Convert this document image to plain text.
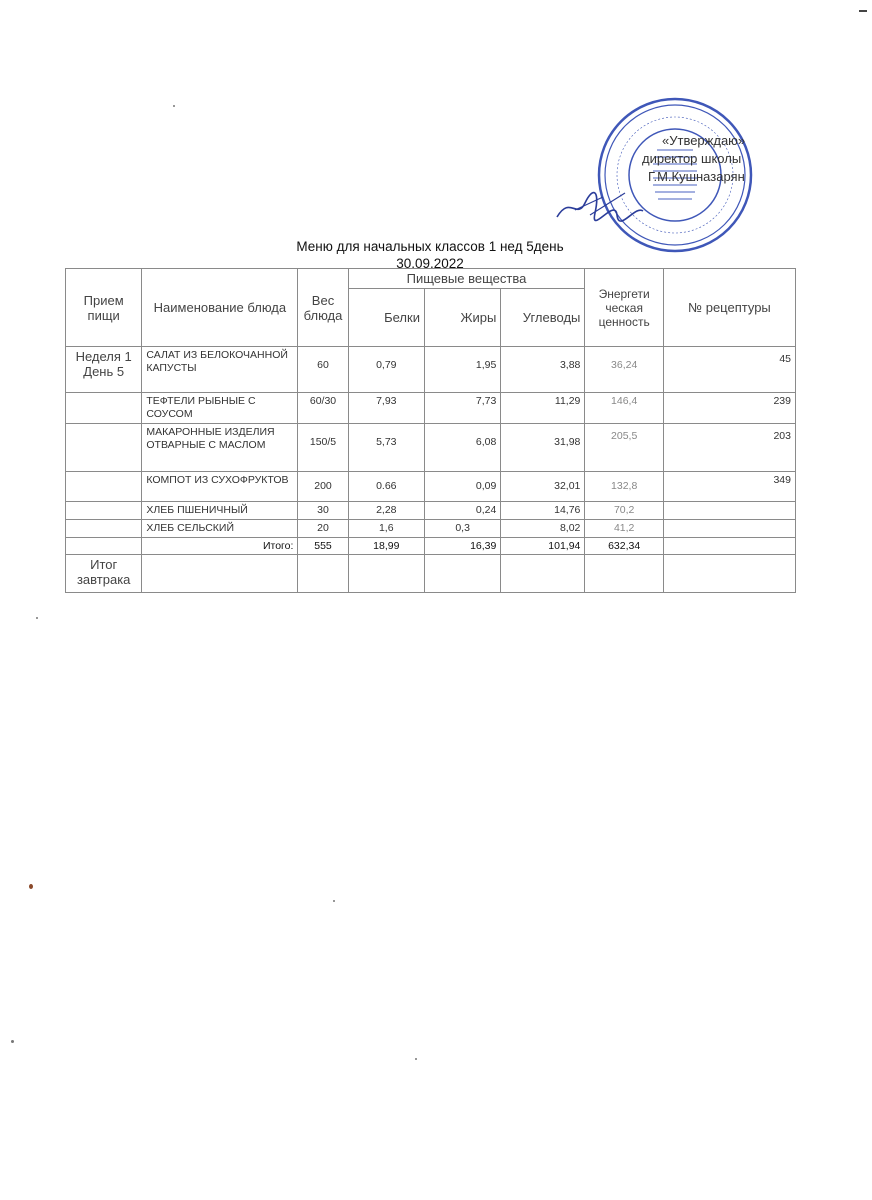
«Утверждаю»
директор школы
Г.М.Кушназарян
Меню для начальных классов 1 нед 5день
30.09.2022
Прием пищи	Наименование блюда	Вес блюда	Пищевые вещества			Энергети ческая ценность	№ рецептуры
			Белки	Жиры	Углеводы		
Неделя 1 День 5	САЛАТ ИЗ БЕЛОКОЧАННОЙ КАПУСТЫ	60	0,79	1,95	3,88	36,24	45
	ТЕФТЕЛИ РЫБНЫЕ С СОУСОМ	60/30	7,93	7,73	11,29	146,4	239
	МАКАРОННЫЕ ИЗДЕЛИЯ ОТВАРНЫЕ С МАСЛОМ	150/5	5,73	6,08	31,98	205,5	203
	КОМПОТ ИЗ СУХОФРУКТОВ	200	0.66	0,09	32,01	132,8	349
	ХЛЕБ ПШЕНИЧНЫЙ	30	2,28	0,24	14,76	70,2	
	ХЛЕБ СЕЛЬСКИЙ	20	1,6	0,3	8,02	41,2	
	Итого:	555	18,99	16,39	101,94	632,34	
Итог завтрака							
